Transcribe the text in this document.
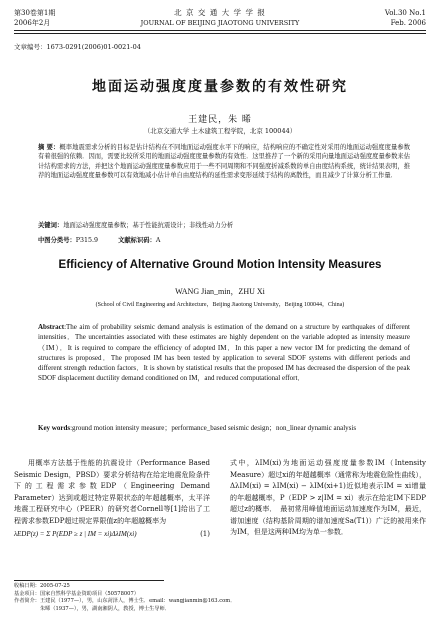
第30卷第1期
2006年2月
北 京 交 通 大 学 学 报
JOURNAL OF BEIJING JIAOTONG UNIVERSITY
Vol.30 No.1
Feb. 2006
文章编号：1673-0291(2006)01-0021-04
地面运动强度度量参数的有效性研究
王建民，朱 晞
（北京交通大学 土木建筑工程学院，北京 100044）
摘 要：概率地震需求分析的目标是估计结构在不同地面运动强度水平下的响应，结构响应的不确定性对采用的地面运动强度度量参数有着很强的依赖．因而，需要比较所采用的地面运动强度度量参数的有效性．这里推荐了一个新的采用向量地面运动强度度量参数来估计结构需求的方法，并把这个地面运动强度度量参数应用于一些不同周期和不同强度折减系数的单自由度结构系统，统计结果表明，推荐的地面运动强度度量参数可以有效地减小估计单自由度结构的延性需求变形延续于结构的离散性，而且减少了计算分析工作量．
关键词：地面运动强度度量参数；基于性能抗震设计；非线性动力分析
中图分类号：P315.9	文献标识码：A
Efficiency of Alternative Ground Motion Intensity Measures
WANG Jian_min，ZHU Xi
(School of Civil Engineering and Architecture，Beijing Jiaotong University，Beijing 100044，China)
Abstract:The aim of probability seismic demand analysis is estimation of the demand on a structure by earthquakes of different intensities．The uncertainties associated with these estimates are highly dependent on the variable adopted as intensity measure（IM）．It is required to compare the efficiency of adopted IM．In this paper a new vector IM for predicting the demand of structures is proposed．The proposed IM has been tested by application to several SDOF systems with different periods and different strength reduction factors．It is shown by statistical results that the proposed IM has decreased the dispersion of the peak SDOF displacement ductility demand conditioned on IM，and reduced computational effort．
Key words:ground motion intensity measure；performance_based seismic design；non_linear dynamic analysis
用概率方法基于性能的抗震设计（Performance Based Seismic Design，PBSD）要求分析结构在给定地震危险条件下的工程需求参数EDP（Engineering Demand Parameter）达到或超过特定界限状态的年超越概率，太平洋地震工程研究中心（PEER）的研究者Cornell等[1]给出了工程需求参数EDP超过规定界限值z的年超越概率为
λEDP(z) = Σ P(EDP ≥ z | IM = xi)ΔλIM(xi)	(1)
式中，λIM(xi)为地面运动强度度量参数IM（Intensity Measure）超过xi的年超越概率（通常称为地震危险性曲线），ΔλIM(xi) = λIM(xi) − λIM(xi+1)近似地表示IM = xi增量的年超越概率，P（EDP > z|IM = xi）表示在给定IM下EDP超过z的概率．　最初常用峰值地面运动加速度作为IM，最近，谱加速度（结构基阶周期的谱加速度Sa(T1)）广泛的被用来作为IM，但是这两种IM均为单一参数．
收稿日期：2005-07-25
基金项目：国家自然科学基金资助项目（50578007）
作者简介：王建民（1977—），男，山东菏泽人，博士生．email：wangjianmin@163.com．
　　　　　朱晞（1937—），男，湖南湘阴人，教授，博士生导师．
